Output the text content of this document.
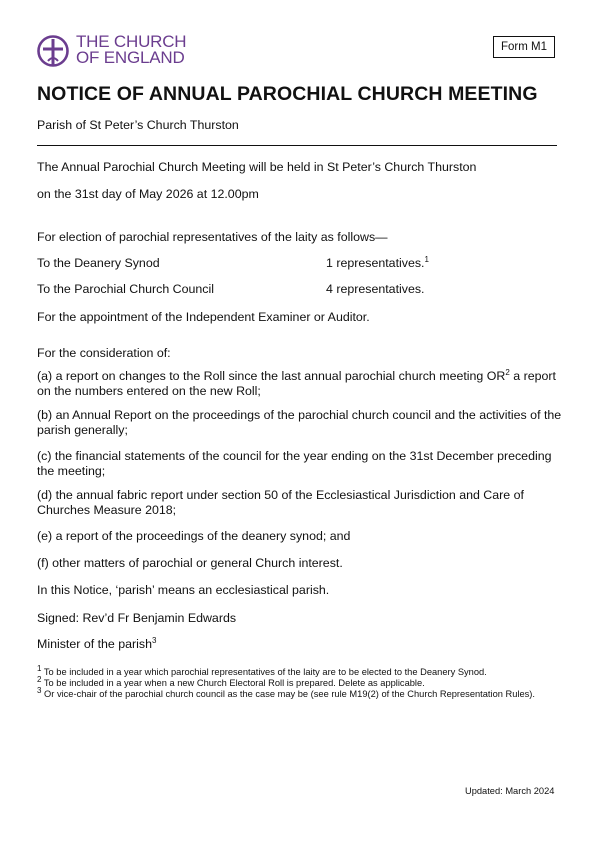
THE CHURCH
OF ENGLAND
Form M1
NOTICE OF ANNUAL PAROCHIAL CHURCH MEETING
Parish of St Peter’s Church Thurston
The Annual Parochial Church Meeting will be held in St Peter’s Church Thurston
on the 31st day of May 2026 at 12.00pm
For election of parochial representatives of the laity as follows—
To the Deanery Synod	1 representatives.$^1$
To the Parochial Church Council	4 representatives.
For the appointment of the Independent Examiner or Auditor.
For the consideration of:
(a) a report on changes to the Roll since the last annual parochial church meeting $OR^2$ a report on the numbers entered on the new Roll;
(b) an Annual Report on the proceedings of the parochial church council and the activities of the parish generally;
(c) the financial statements of the council for the year ending on the 31st December preceding the meeting;
(d) the annual fabric report under section 50 of the Ecclesiastical Jurisdiction and Care of Churches Measure 2018;
(e) a report of the proceedings of the deanery synod; and
(f) other matters of parochial or general Church interest.
In this Notice, ‘parish’ means an ecclesiastical parish.
Signed: Rev’d Fr Benjamin Edwards
Minister of the parish$^3$
$^1$ To be included in a year which parochial representatives of the laity are to be elected to the Deanery Synod.
$^2$ To be included in a year when a new Church Electoral Roll is prepared. Delete as applicable.
$^3$ Or vice-chair of the parochial church council as the case may be (see rule M19(2) of the Church Representation Rules).
Updated: March 2024
